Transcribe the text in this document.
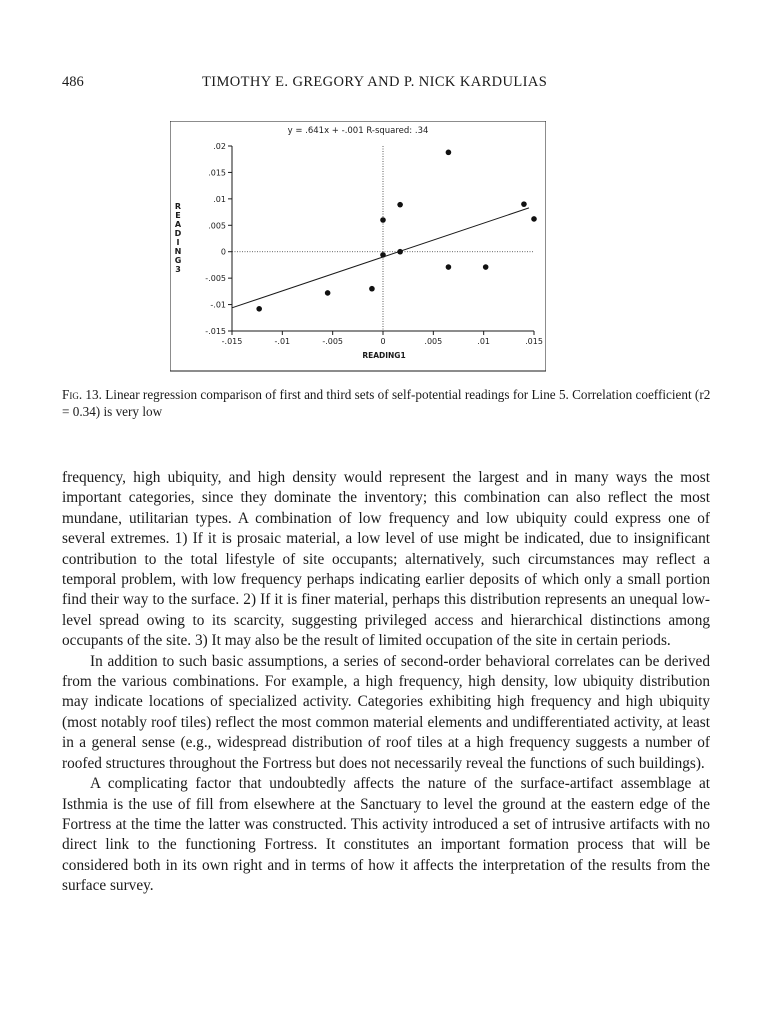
486	TIMOTHY E. GREGORY AND P. NICK KARDULIAS
y = .641x + -.001 R-squared: .34
R
E
A
D
I
N
G
3
-.015
-.01
-.005
0
.005
.01
.015
.02
-.015	-.01	-.005	0	.005	.01	.015
READING1
Fig. 13. Linear regression comparison of first and third sets of self-potential readings for Line 5. Correlation coefficient (r2 = 0.34) is very low

frequency, high ubiquity, and high density would represent the largest and in many ways the most important categories, since they dominate the inventory; this combination can also reflect the most mundane, utilitarian types. A combination of low frequency and low ubiquity could express one of several extremes. 1) If it is prosaic material, a low level of use might be indicated, due to insignificant contribution to the total lifestyle of site occupants; alternatively, such circumstances may reflect a temporal problem, with low frequency perhaps indicating earlier deposits of which only a small portion find their way to the surface. 2) If it is finer material, perhaps this distribution represents an unequal low-level spread owing to its scarcity, suggesting privileged access and hierarchical distinctions among occupants of the site. 3) It may also be the result of limited occupation of the site in certain periods.

In addition to such basic assumptions, a series of second-order behavioral correlates can be derived from the various combinations. For example, a high frequency, high density, low ubiquity distribution may indicate locations of specialized activity. Categories exhibiting high frequency and high ubiquity (most notably roof tiles) reflect the most common material elements and undifferentiated activity, at least in a general sense (e.g., widespread distribution of roof tiles at a high frequency suggests a number of roofed structures throughout the Fortress but does not necessarily reveal the functions of such buildings).

A complicating factor that undoubtedly affects the nature of the surface-artifact assemblage at Isthmia is the use of fill from elsewhere at the Sanctuary to level the ground at the eastern edge of the Fortress at the time the latter was constructed. This activity introduced a set of intrusive artifacts with no direct link to the functioning Fortress. It constitutes an important formation process that will be considered both in its own right and in terms of how it affects the interpretation of the results from the surface survey.
